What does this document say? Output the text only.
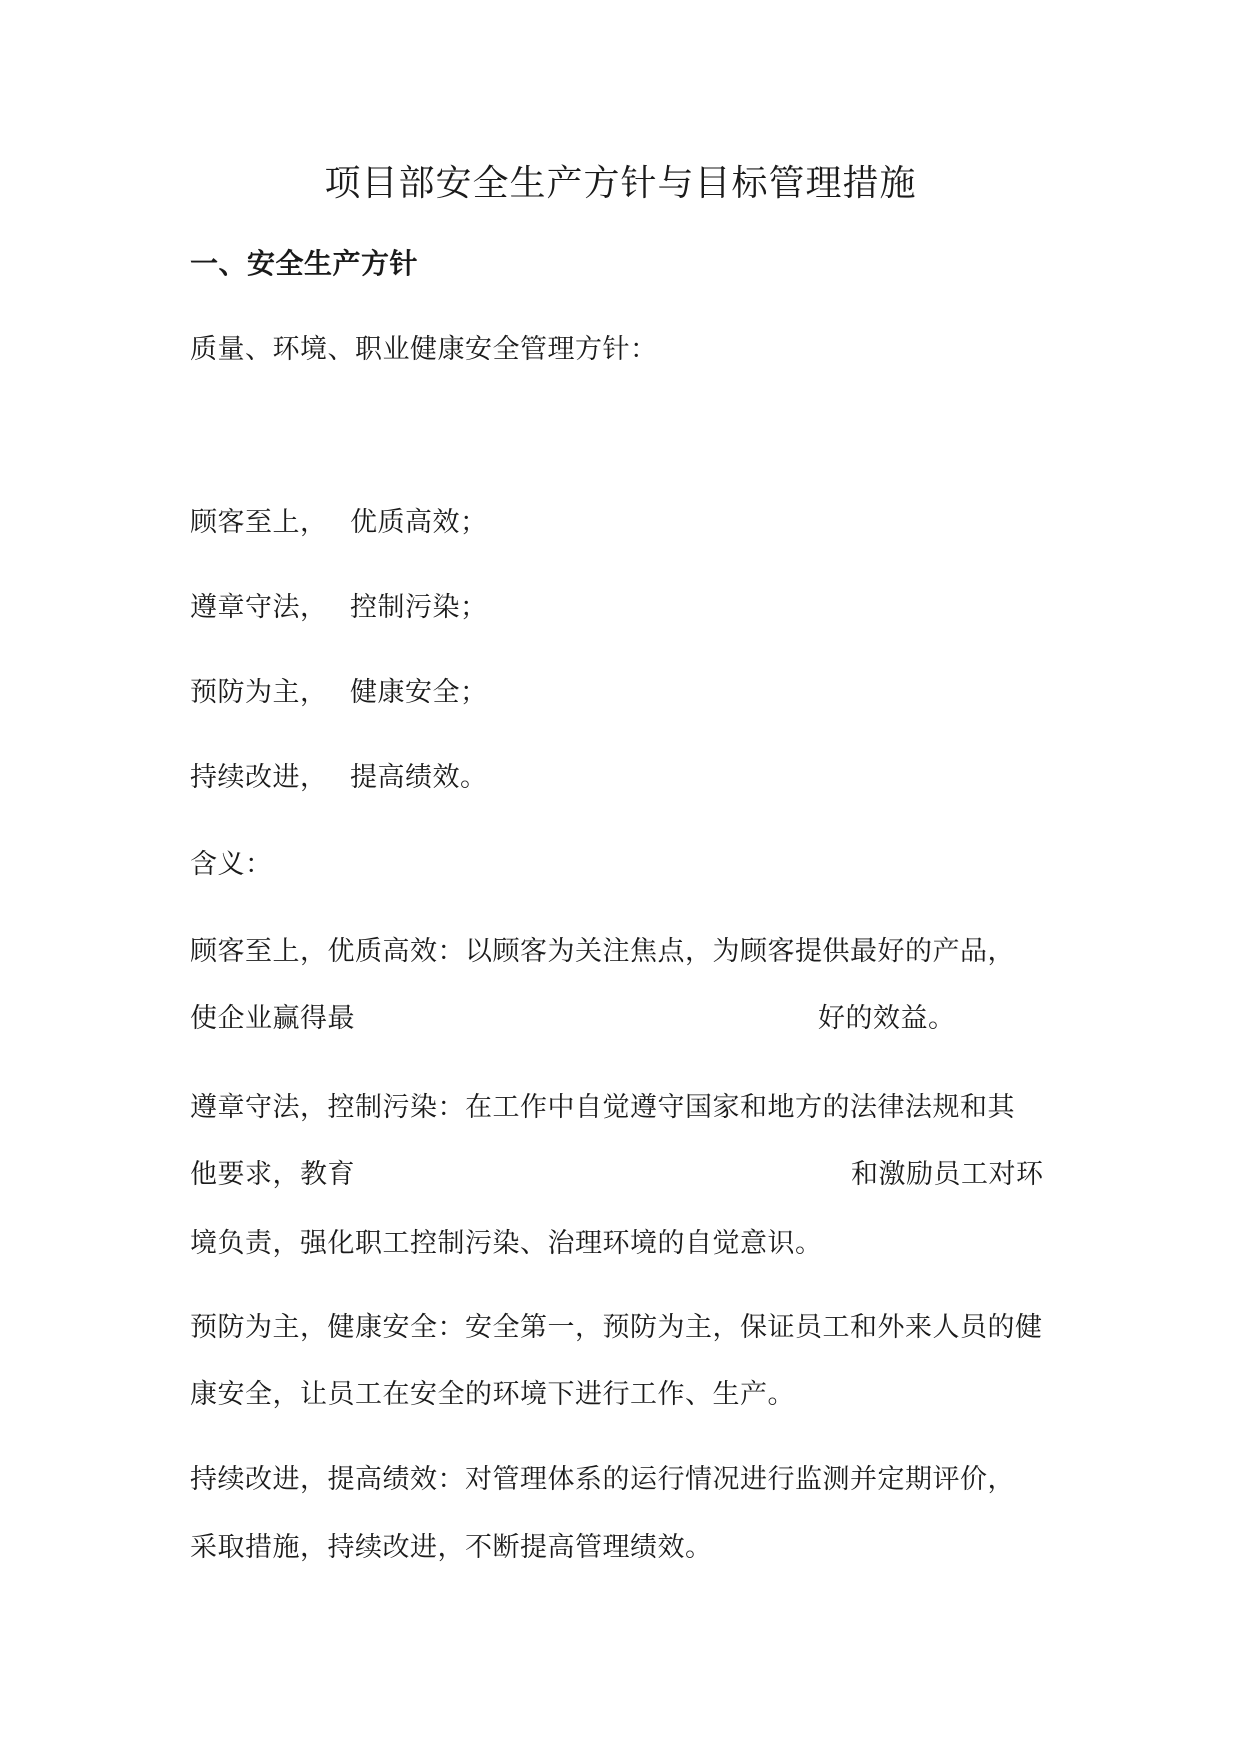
项目部安全生产方针与目标管理措施
一、安全生产方针
质量、环境、职业健康安全管理方针：
顾客至上， 优质高效；
遵章守法， 控制污染；
预防为主， 健康安全；
持续改进， 提高绩效。
含义：
顾客至上，优质高效：以顾客为关注焦点，为顾客提供最好的产品，
使企业赢得最	好的效益。
遵章守法，控制污染：在工作中自觉遵守国家和地方的法律法规和其
他要求，教育	和激励员工对环
境负责，强化职工控制污染、治理环境的自觉意识。
预防为主，健康安全：安全第一，预防为主，保证员工和外来人员的健
康安全，让员工在安全的环境下进行工作、生产。
持续改进，提高绩效：对管理体系的运行情况进行监测并定期评价，
采取措施，持续改进，不断提高管理绩效。
